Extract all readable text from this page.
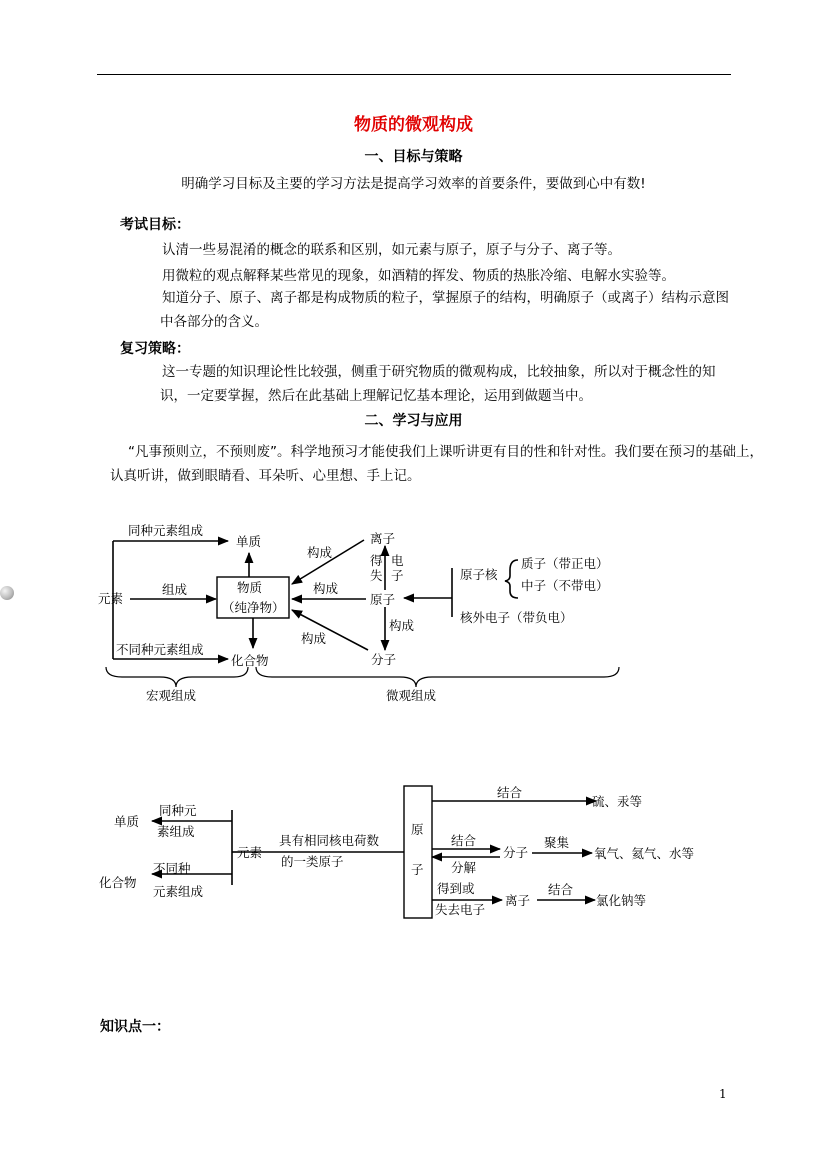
物质的微观构成
一、目标与策略
明确学习目标及主要的学习方法是提高学习效率的首要条件，要做到心中有数!
考试目标：
认清一些易混淆的概念的联系和区别，如元素与原子，原子与分子、离子等。
用微粒的观点解释某些常见的现象，如酒精的挥发、物质的热胀冷缩、电解水实验等。
知道分子、原子、离子都是构成物质的粒子，掌握原子的结构，明确原子（或离子）结构示意图中各部分的含义。
复习策略：
这一专题的知识理论性比较强，侧重于研究物质的微观构成，比较抽象，所以对于概念性的知识，一定要掌握，然后在此基础上理解记忆基本理论，运用到做题当中。
二、学习与应用
“凡事预则立，不预则废”。科学地预习才能使我们上课听讲更有目的性和针对性。我们要在预习的基础上，认真听讲，做到眼睛看、耳朵听、心里想、手上记。
同种元素组成
单质
元素
组成	物质
（纯净物）
不同种元素组成
化合物
构成
构成
构成
离子
原子
分子
得
失
电
子
构成
原子核
质子（带正电）
中子（不带电）
核外电子（带负电）
宏观组成	微观组成
单质
同种元
素组成
化合物
不同种
元素组成
元素
具有相同核电荷数
的一类原子
原
子
结合
硫、汞等
结合
分解
分子
聚集
氧气、氦气、水等
得到或
失去电子
离子
结合
氯化钠等
知识点一：
1
